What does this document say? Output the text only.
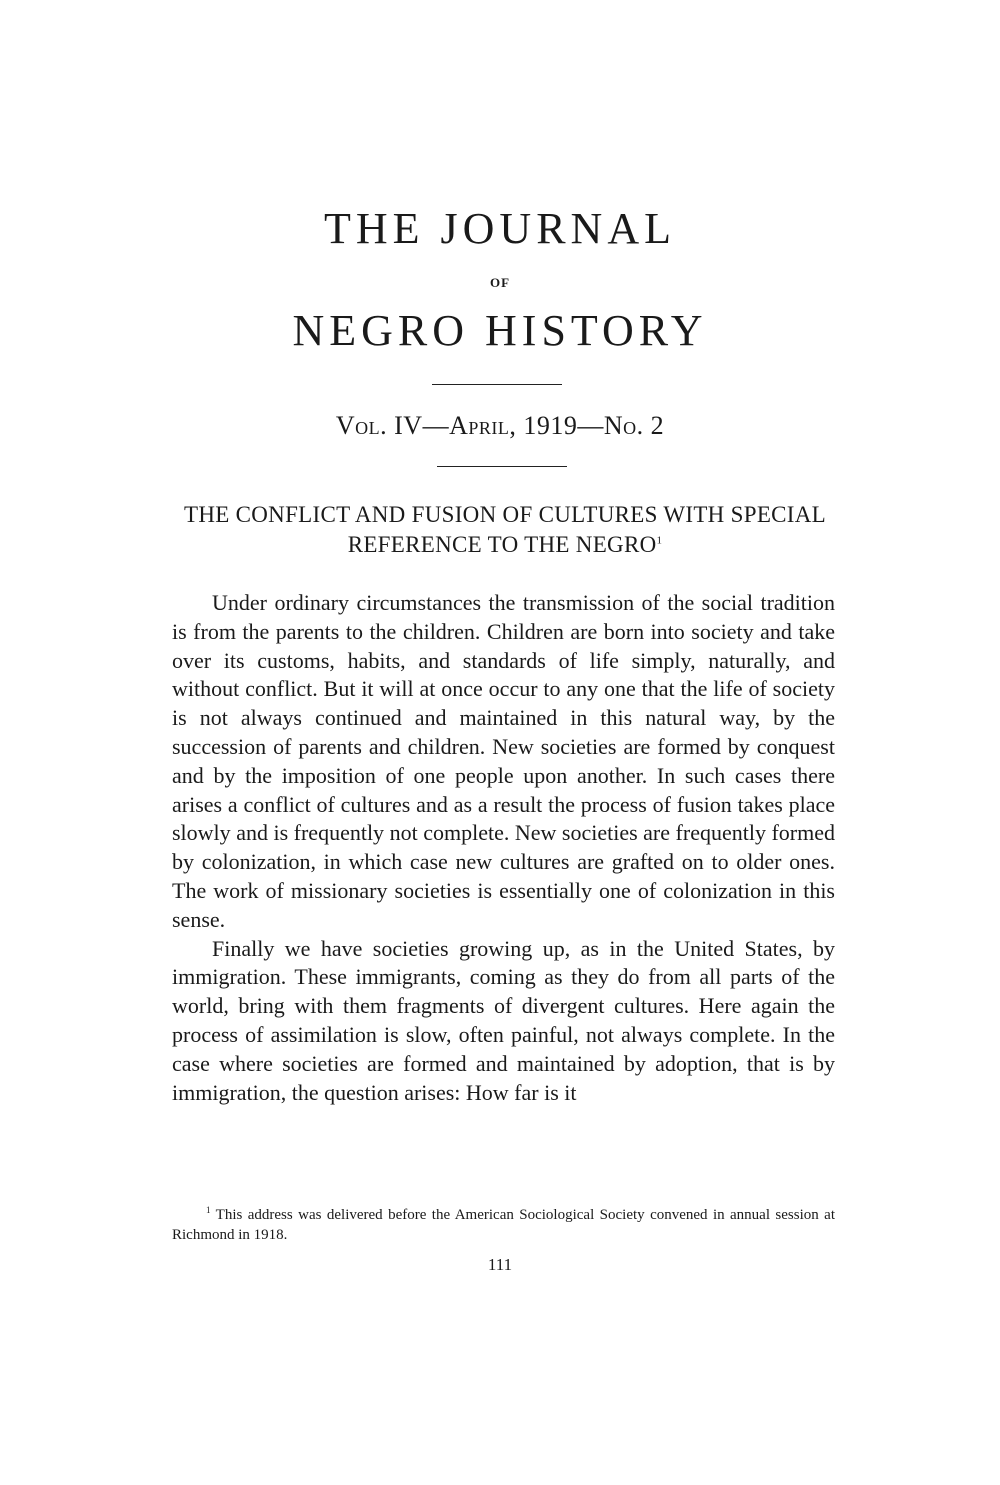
THE JOURNAL
OF
NEGRO HISTORY
Vol. IV—April, 1919—No. 2
THE CONFLICT AND FUSION OF CULTURES WITH SPECIAL REFERENCE TO THE NEGRO$^1$

Under ordinary circumstances the transmission of the social tradition is from the parents to the children. Children are born into society and take over its customs, habits, and standards of life simply, naturally, and without conflict. But it will at once occur to any one that the life of society is not always continued and maintained in this natural way, by the succession of parents and children. New societies are formed by conquest and by the imposition of one people upon another. In such cases there arises a conflict of cultures and as a result the process of fusion takes place slowly and is frequently not complete. New societies are frequently formed by colonization, in which case new cultures are grafted on to older ones. The work of missionary societies is essentially one of colonization in this sense.

Finally we have societies growing up, as in the United States, by immigration. These immigrants, coming as they do from all parts of the world, bring with them fragments of divergent cultures. Here again the process of assimilation is slow, often painful, not always complete. In the case where societies are formed and maintained by adoption, that is by immigration, the question arises: How far is it

$^1$ This address was delivered before the American Sociological Society convened in annual session at Richmond in 1918.
111
